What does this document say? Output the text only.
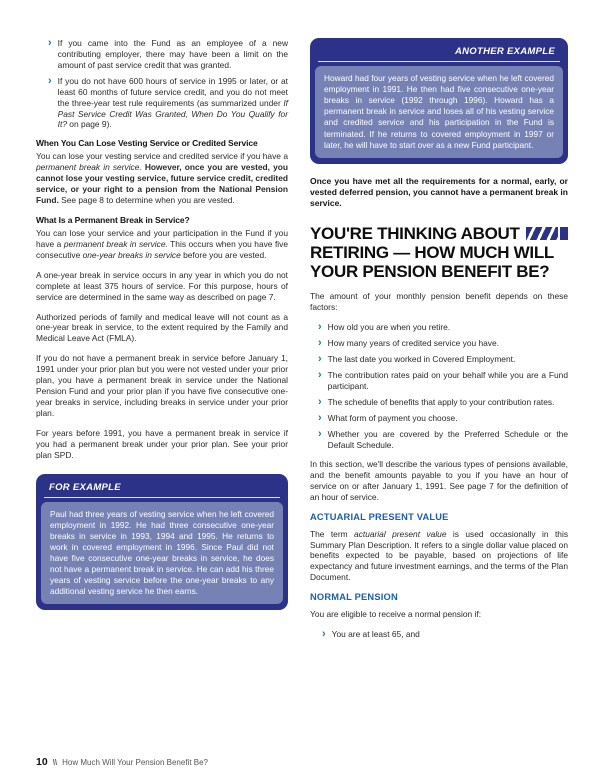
› If you came into the Fund as an employee of a new contributing employer, there may have been a limit on the amount of past service credit that was granted.
› If you do not have 600 hours of service in 1995 or later, or at least 60 months of future service credit, and you do not meet the three-year test rule requirements (as summarized under If Past Service Credit Was Granted, When Do You Qualify for It? on page 9).
When You Can Lose Vesting Service or Credited Service

You can lose your vesting service and credited service if you have a permanent break in service. However, once you are vested, you cannot lose your vesting service, future service credit, credited service, or your right to a pension from the National Pension Fund. See page 8 to determine when you are vested.

What Is a Permanent Break in Service?

You can lose your service and your participation in the Fund if you have a permanent break in service. This occurs when you have five consecutive one-year breaks in service before you are vested.

A one-year break in service occurs in any year in which you do not complete at least 375 hours of service. For this purpose, hours of service are determined in the same way as described on page 7.

Authorized periods of family and medical leave will not count as a one-year break in service, to the extent required by the Family and Medical Leave Act (FMLA).

If you do not have a permanent break in service before January 1, 1991 under your prior plan but you were not vested under your prior plan, you have a permanent break in service under the National Pension Fund and your prior plan if you have five consecutive one-year breaks in service, including breaks in service under your prior plan.

For years before 1991, you have a permanent break in service if you had a permanent break under your prior plan. See your prior plan SPD.

FOR EXAMPLE
Paul had three years of vesting service when he left covered employment in 1992. He had three consecutive one-year breaks in service in 1993, 1994 and 1995. He returns to work in covered employment in 1996. Since Paul did not have five consecutive one-year breaks in service, he does not have a permanent break in service. He can add his three years of vesting service before the one-year breaks to any additional vesting service he then earns.
ANOTHER EXAMPLE
Howard had four years of vesting service when he left covered employment in 1991. He then had five consecutive one-year breaks in service (1992 through 1996). Howard has a permanent break in service and loses all of his vesting service and credited service and his participation in the Fund is terminated. If he returns to covered employment in 1997 or later, he will have to start over as a new Fund participant.

Once you have met all the requirements for a normal, early, or vested deferred pension, you cannot have a permanent break in service.

YOU'RE THINKING ABOUT
RETIRING — HOW MUCH WILL
YOUR PENSION BENEFIT BE?

The amount of your monthly pension benefit depends on these factors:

› How old you are when you retire.
› How many years of credited service you have.
› The last date you worked in Covered Employment.
› The contribution rates paid on your behalf while you are a Fund participant.
› The schedule of benefits that apply to your contribution rates.
› What form of payment you choose.
› Whether you are covered by the Preferred Schedule or the Default Schedule.

In this section, we'll describe the various types of pensions available, and the benefit amounts payable to you if you have an hour of service on or after January 1, 1991. See page 7 for the definition of an hour of service.

ACTUARIAL PRESENT VALUE

The term actuarial present value is used occasionally in this Summary Plan Description. It refers to a single dollar value placed on benefits expected to be payable, based on projections of life expectancy and future investment earnings, and the terms of the Plan Document.

NORMAL PENSION

You are eligible to receive a normal pension if:

› You are at least 65, and
10 \\ How Much Will Your Pension Benefit Be?
